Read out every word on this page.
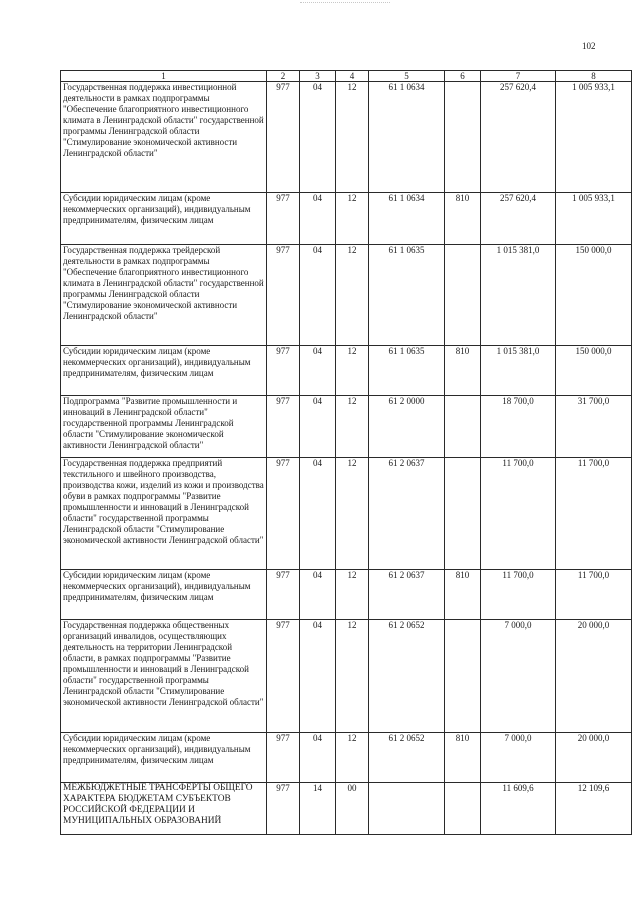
102
1	2	3	4	5	6	7	8
Государственная поддержка инвестиционной деятельности в рамках подпрограммы "Обеспечение благоприятного инвестиционного климата в Ленинградской области" государственной программы Ленинградской области "Стимулирование экономической активности Ленинградской области"	977	04	12	61 1 0634		257 620,4	1 005 933,1
Субсидии юридическим лицам (кроме некоммерческих организаций), индивидуальным предпринимателям, физическим лицам	977	04	12	61 1 0634	810	257 620,4	1 005 933,1
Государственная поддержка трейдерской деятельности в рамках подпрограммы "Обеспечение благоприятного инвестиционного климата в Ленинградской области" государственной программы Ленинградской области "Стимулирование экономической активности Ленинградской области"	977	04	12	61 1 0635		1 015 381,0	150 000,0
Субсидии юридическим лицам (кроме некоммерческих организаций), индивидуальным предпринимателям, физическим лицам	977	04	12	61 1 0635	810	1 015 381,0	150 000,0
Подпрограмма "Развитие промышленности и инноваций в Ленинградской области" государственной программы Ленинградской области "Стимулирование экономической активности Ленинградской области"	977	04	12	61 2 0000		18 700,0	31 700,0
Государственная поддержка предприятий текстильного и швейного производства, производства кожи, изделий из кожи и производства обуви в рамках подпрограммы "Развитие промышленности и инноваций в Ленинградской области" государственной программы Ленинградской области "Стимулирование экономической активности Ленинградской области"	977	04	12	61 2 0637		11 700,0	11 700,0
Субсидии юридическим лицам (кроме некоммерческих организаций), индивидуальным предпринимателям, физическим лицам	977	04	12	61 2 0637	810	11 700,0	11 700,0
Государственная поддержка общественных организаций инвалидов, осуществляющих деятельность на территории Ленинградской области, в рамках подпрограммы "Развитие промышленности и инноваций в Ленинградской области" государственной программы Ленинградской области "Стимулирование экономической активности Ленинградской области"	977	04	12	61 2 0652		7 000,0	20 000,0
Субсидии юридическим лицам (кроме некоммерческих организаций), индивидуальным предпринимателям, физическим лицам	977	04	12	61 2 0652	810	7 000,0	20 000,0
МЕЖБЮДЖЕТНЫЕ ТРАНСФЕРТЫ ОБЩЕГО ХАРАКТЕРА БЮДЖЕТАМ СУБЪЕКТОВ РОССИЙСКОЙ ФЕДЕРАЦИИ И МУНИЦИПАЛЬНЫХ ОБРАЗОВАНИЙ	977	14	00			11 609,6	12 109,6
